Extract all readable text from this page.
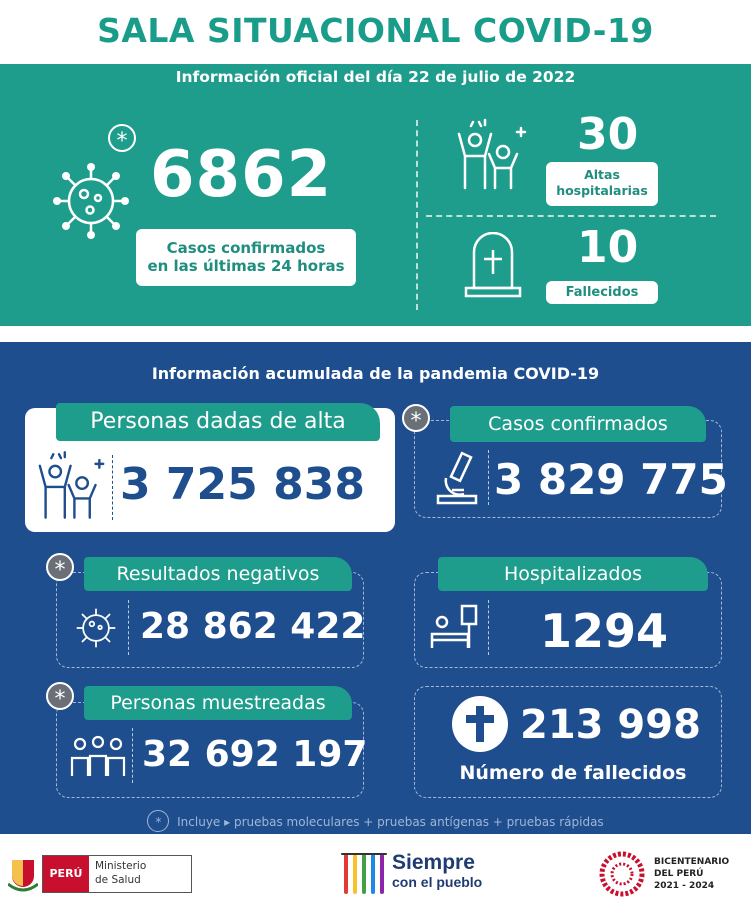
SALA SITUACIONAL COVID-19
Información oficial del día 22 de julio de 2022
* 6862
Casos confirmados
en las últimas 24 horas
30
Altas
hospitalarias
10
Fallecidos
Información acumulada de la pandemia COVID-19
Personas dadas de alta
3 725 838
Casos confirmados
*
3 829 775
Resultados negativos
*
28 862 422
Hospitalizados
1294
Personas muestreadas
*
32 692 197
213 998
Número de fallecidos
* Incluye ▸ pruebas moleculares + pruebas antígenas + pruebas rápidas
PERÚ
Ministerio
de Salud
Siempre
con el pueblo
BICENTENARIO
DEL PERÚ
2021 - 2024
